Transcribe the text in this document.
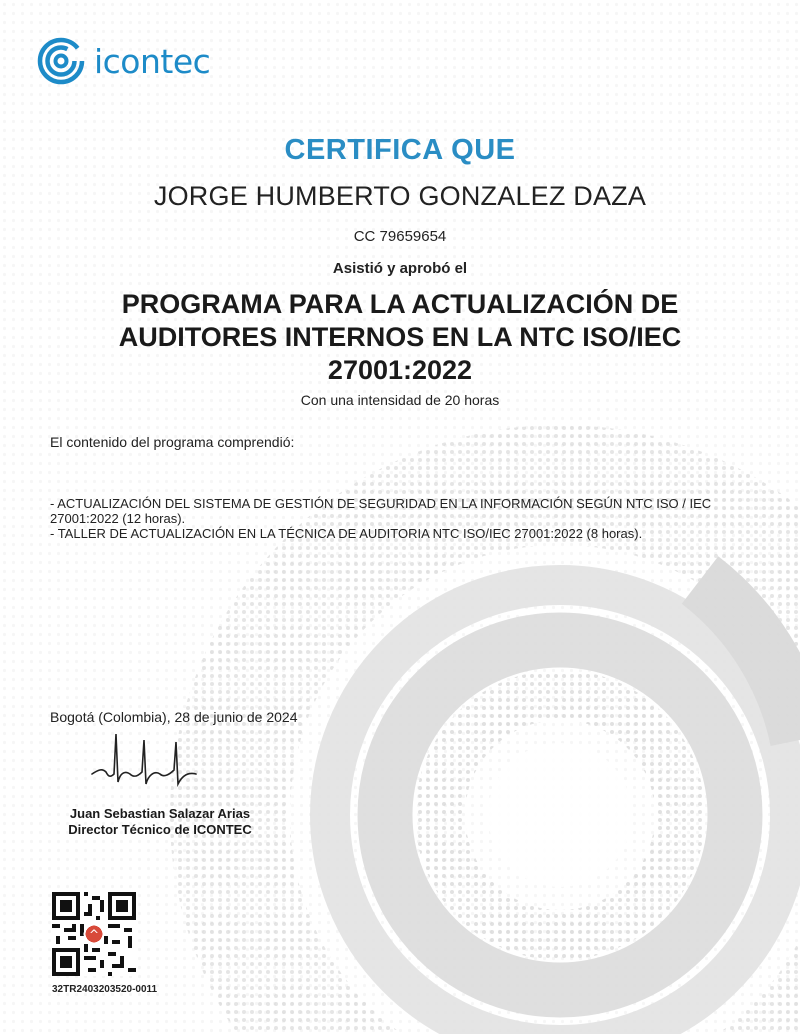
icontec
CERTIFICA QUE
JORGE HUMBERTO GONZALEZ DAZA
CC 79659654
Asistió y aprobó el
PROGRAMA PARA LA ACTUALIZACIÓN DE AUDITORES INTERNOS EN LA NTC ISO/IEC 27001:2022
Con una intensidad de 20 horas
El contenido del programa comprendió:
- ACTUALIZACIÓN DEL SISTEMA DE GESTIÓN DE SEGURIDAD EN LA INFORMACIÓN SEGÚN NTC ISO / IEC 27001:2022 (12 horas).
- TALLER DE ACTUALIZACIÓN EN LA TÉCNICA DE AUDITORIA NTC ISO/IEC 27001:2022 (8 horas).
Bogotá (Colombia), 28 de junio de 2024
Juan Sebastian Salazar Arias
Director Técnico de ICONTEC
^
32TR2403203520-0011
